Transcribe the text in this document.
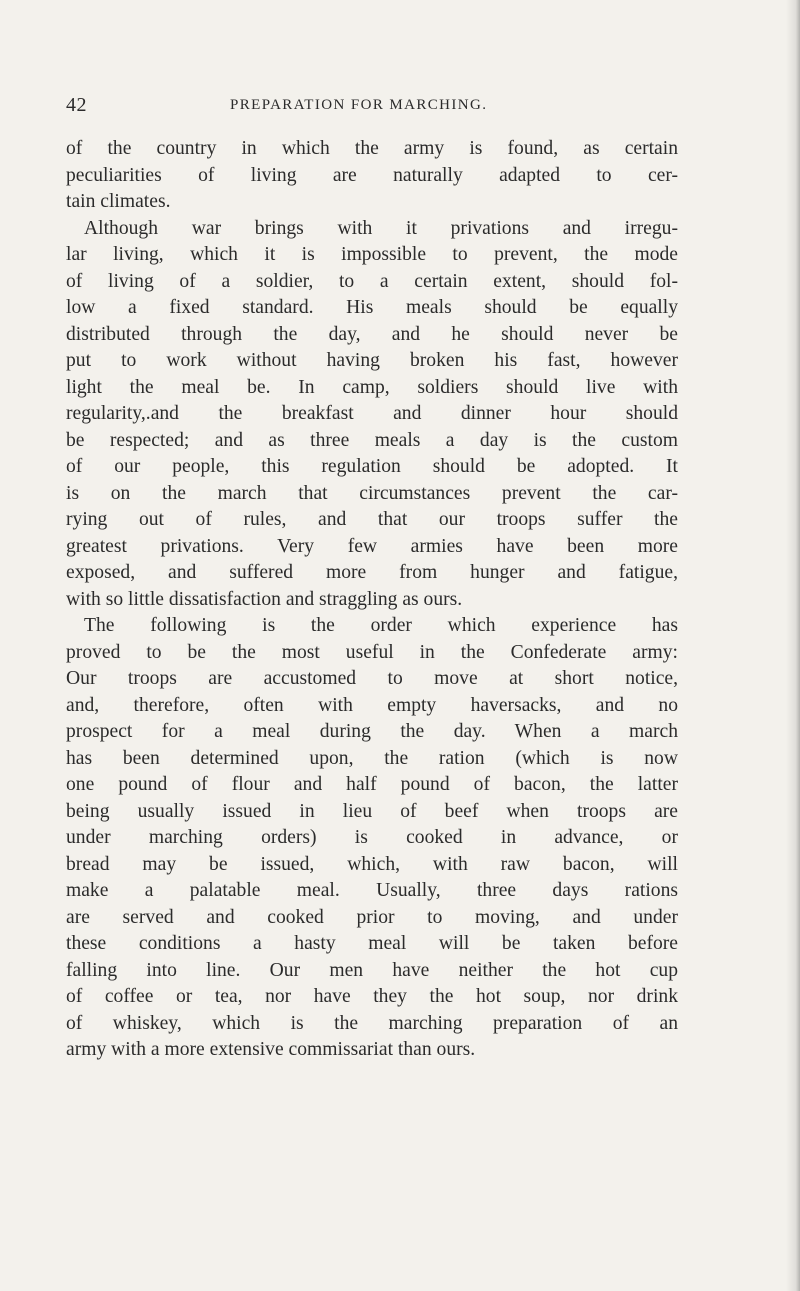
42	PREPARATION FOR MARCHING.
of the country in which the army is found, as certain
peculiarities of living are naturally adapted to cer-
tain climates.
Although war brings with it privations and irregu-
lar living, which it is impossible to prevent, the mode
of living of a soldier, to a certain extent, should fol-
low a fixed standard. His meals should be equally
distributed through the day, and he should never be
put to work without having broken his fast, however
light the meal be. In camp, soldiers should live with
regularity,.and the breakfast and dinner hour should
be respected; and as three meals a day is the custom
of our people, this regulation should be adopted. It
is on the march that circumstances prevent the car-
rying out of rules, and that our troops suffer the
greatest privations. Very few armies have been more
exposed, and suffered more from hunger and fatigue,
with so little dissatisfaction and straggling as ours.
The following is the order which experience has
proved to be the most useful in the Confederate army:
Our troops are accustomed to move at short notice,
and, therefore, often with empty haversacks, and no
prospect for a meal during the day. When a march
has been determined upon, the ration (which is now
one pound of flour and half pound of bacon, the latter
being usually issued in lieu of beef when troops are
under marching orders) is cooked in advance, or
bread may be issued, which, with raw bacon, will
make a palatable meal. Usually, three days rations
are served and cooked prior to moving, and under
these conditions a hasty meal will be taken before
falling into line. Our men have neither the hot cup
of coffee or tea, nor have they the hot soup, nor drink
of whiskey, which is the marching preparation of an
army with a more extensive commissariat than ours.
